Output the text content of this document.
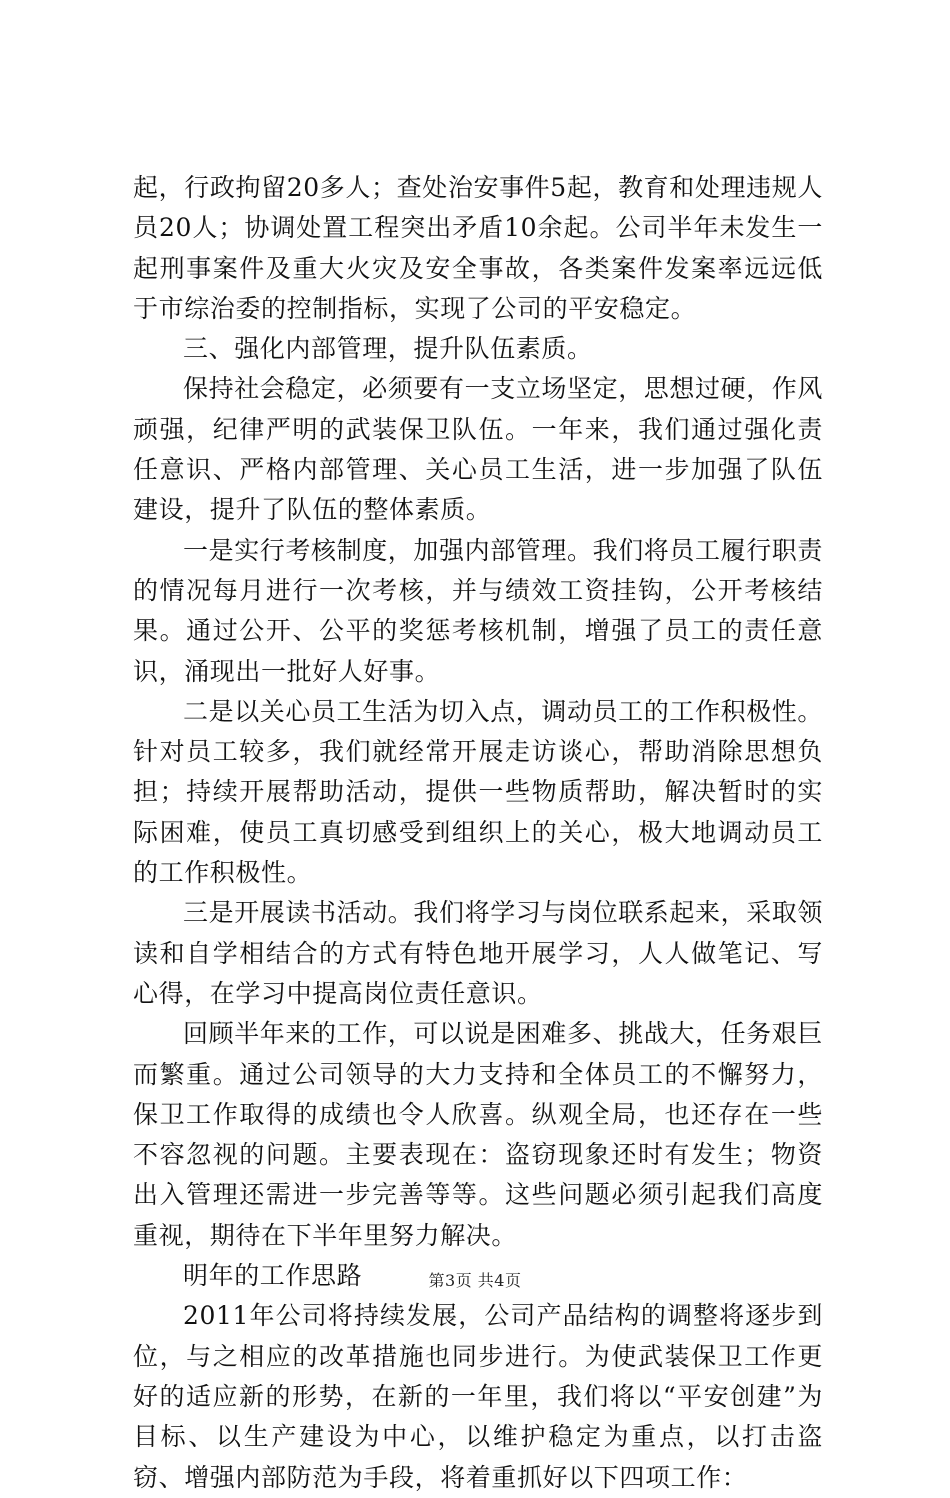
起，行政拘留20多人；查处治安事件5起，教育和处理违规人员20人；协调处置工程突出矛盾10余起。公司半年未发生一起刑事案件及重大火灾及安全事故，各类案件发案率远远低于市综治委的控制指标，实现了公司的平安稳定。

三、强化内部管理，提升队伍素质。

保持社会稳定，必须要有一支立场坚定，思想过硬，作风顽强，纪律严明的武装保卫队伍。一年来，我们通过强化责任意识、严格内部管理、关心员工生活，进一步加强了队伍建设，提升了队伍的整体素质。

一是实行考核制度，加强内部管理。我们将员工履行职责的情况每月进行一次考核，并与绩效工资挂钩，公开考核结果。通过公开、公平的奖惩考核机制，增强了员工的责任意识，涌现出一批好人好事。

二是以关心员工生活为切入点，调动员工的工作积极性。针对员工较多，我们就经常开展走访谈心，帮助消除思想负担；持续开展帮助活动，提供一些物质帮助，解决暂时的实际困难，使员工真切感受到组织上的关心，极大地调动员工的工作积极性。

三是开展读书活动。我们将学习与岗位联系起来，采取领读和自学相结合的方式有特色地开展学习，人人做笔记、写心得，在学习中提高岗位责任意识。

回顾半年来的工作，可以说是困难多、挑战大，任务艰巨而繁重。通过公司领导的大力支持和全体员工的不懈努力，保卫工作取得的成绩也令人欣喜。纵观全局，也还存在一些不容忽视的问题。主要表现在：盗窃现象还时有发生；物资出入管理还需进一步完善等等。这些问题必须引起我们高度重视，期待在下半年里努力解决。

明年的工作思路

2011年公司将持续发展，公司产品结构的调整将逐步到位，与之相应的改革措施也同步进行。为使武装保卫工作更好的适应新的形势，在新的一年里，我们将以“平安创建”为目标、以生产建设为中心，以维护稳定为重点，以打击盗窃、增强内部防范为手段，将着重抓好以下四项工作：

第3页 共4页
